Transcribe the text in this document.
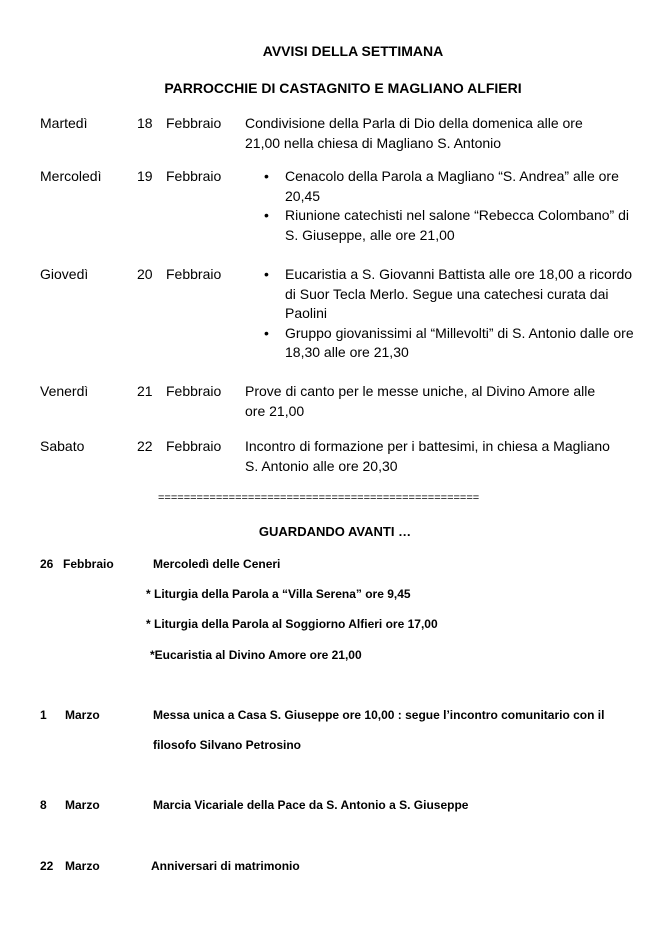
AVVISI DELLA SETTIMANA
PARROCCHIE DI CASTAGNITO E MAGLIANO ALFIERI
Martedì	18 Febbraio Condivisione della Parla di Dio della domenica alle ore 21,00 nella chiesa di Magliano S. Antonio
Mercoledì	19 Febbraio	• Cenacolo della Parola a Magliano “S. Andrea” alle ore 20,45
• Riunione catechisti nel salone “Rebecca Colombano” di S. Giuseppe, alle ore 21,00
Giovedì	20 Febbraio	• Eucaristia a S. Giovanni Battista alle ore 18,00 a ricordo di Suor Tecla Merlo. Segue una catechesi curata dai Paolini
• Gruppo giovanissimi al “Millevolti” di S. Antonio dalle ore 18,30 alle ore 21,30
Venerdì	21 Febbraio Prove di canto per le messe uniche, al Divino Amore alle ore 21,00
Sabato	22 Febbraio Incontro di formazione per i battesimi, in chiesa a Magliano S. Antonio alle ore 20,30
==================================================
GUARDANDO AVANTI …
26 Febbraio	Mercoledì delle Ceneri
* Liturgia della Parola a “Villa Serena” ore 9,45
* Liturgia della Parola al Soggiorno Alfieri ore 17,00
*Eucaristia al Divino Amore ore 21,00
1 Marzo	Messa unica a Casa S. Giuseppe ore 10,00 : segue l’incontro comunitario con il
filosofo Silvano Petrosino
8 Marzo	Marcia Vicariale della Pace da S. Antonio a S. Giuseppe
22 Marzo	Anniversari di matrimonio
